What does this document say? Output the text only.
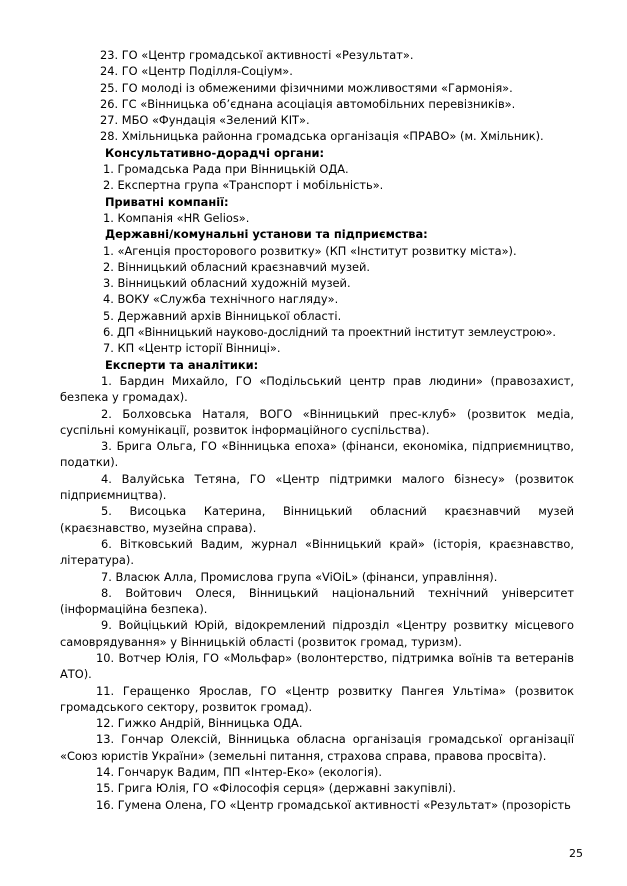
23. ГО «Центр громадської активності «Результат».

24. ГО «Центр Поділля-Соціум».

25. ГО молоді із обмеженими фізичними можливостями «Гармонія».

26. ГС «Вінницька об’єднана асоціація автомобільних перевізників».

27. МБО «Фундація «Зелений КІТ».

28. Хмільницька районна громадська організація «ПРАВО» (м. Хмільник).

Консультативно-дорадчі органи:

1. Громадська Рада при Вінницькій ОДА.

2. Експертна група «Транспорт і мобільність».

Приватні компанії:

1. Компанія «HR Gelios».

Державні/комунальні установи та підприємства:

1. «Агенція просторового розвитку» (КП «Інститут розвитку міста»).

2. Вінницький обласний краєзнавчий музей.

3. Вінницький обласний художній музей.

4. ВОКУ «Служба технічного нагляду».

5. Державний архів Вінницької області.

6. ДП «Вінницький науково-дослідний та проектний інститут землеустрою».

7. КП «Центр історії Вінниці».

Експерти та аналітики:

1. Бардин Михайло, ГО «Подільський центр прав людини» (правозахист, безпека у громадах).

2. Болховська Наталя, ВОГО «Вінницький прес-клуб» (розвиток медіа, суспільні комунікації, розвиток інформаційного суспільства).

3. Брига Ольга, ГО «Вінницька епоха» (фінанси, економіка, підприємництво, податки).

4. Валуйська Тетяна, ГО «Центр підтримки малого бізнесу» (розвиток підприємництва).

5. Висоцька Катерина, Вінницький обласний краєзнавчий музей (краєзнавство, музейна справа).

6. Вітковський Вадим, журнал «Вінницький край» (історія, краєзнавство, література).

7. Власюк Алла, Промислова група «ViOiL» (фінанси, управління).

8. Войтович Олеся, Вінницький національний технічний університет (інформаційна безпека).

9. Войціцький Юрій, відокремлений підрозділ «Центру розвитку місцевого самоврядування» у Вінницькій області (розвиток громад, туризм).

10. Вотчер Юлія, ГО «Мольфар» (волонтерство, підтримка воїнів та ветеранів АТО).

11. Геращенко Ярослав, ГО «Центр розвитку Пангея Ультіма» (розвиток громадського сектору, розвиток громад).

12. Гижко Андрій, Вінницька ОДА.

13. Гончар Олексій, Вінницька обласна організація громадської організації «Союз юристів України» (земельні питання, страхова справа, правова просвіта).

14. Гончарук Вадим, ПП «Інтер-Еко» (екологія).

15. Грига Юлія, ГО «Філософія серця» (державні закупівлі).

16. Гумена Олена, ГО «Центр громадської активності «Результат» (прозорість

25
